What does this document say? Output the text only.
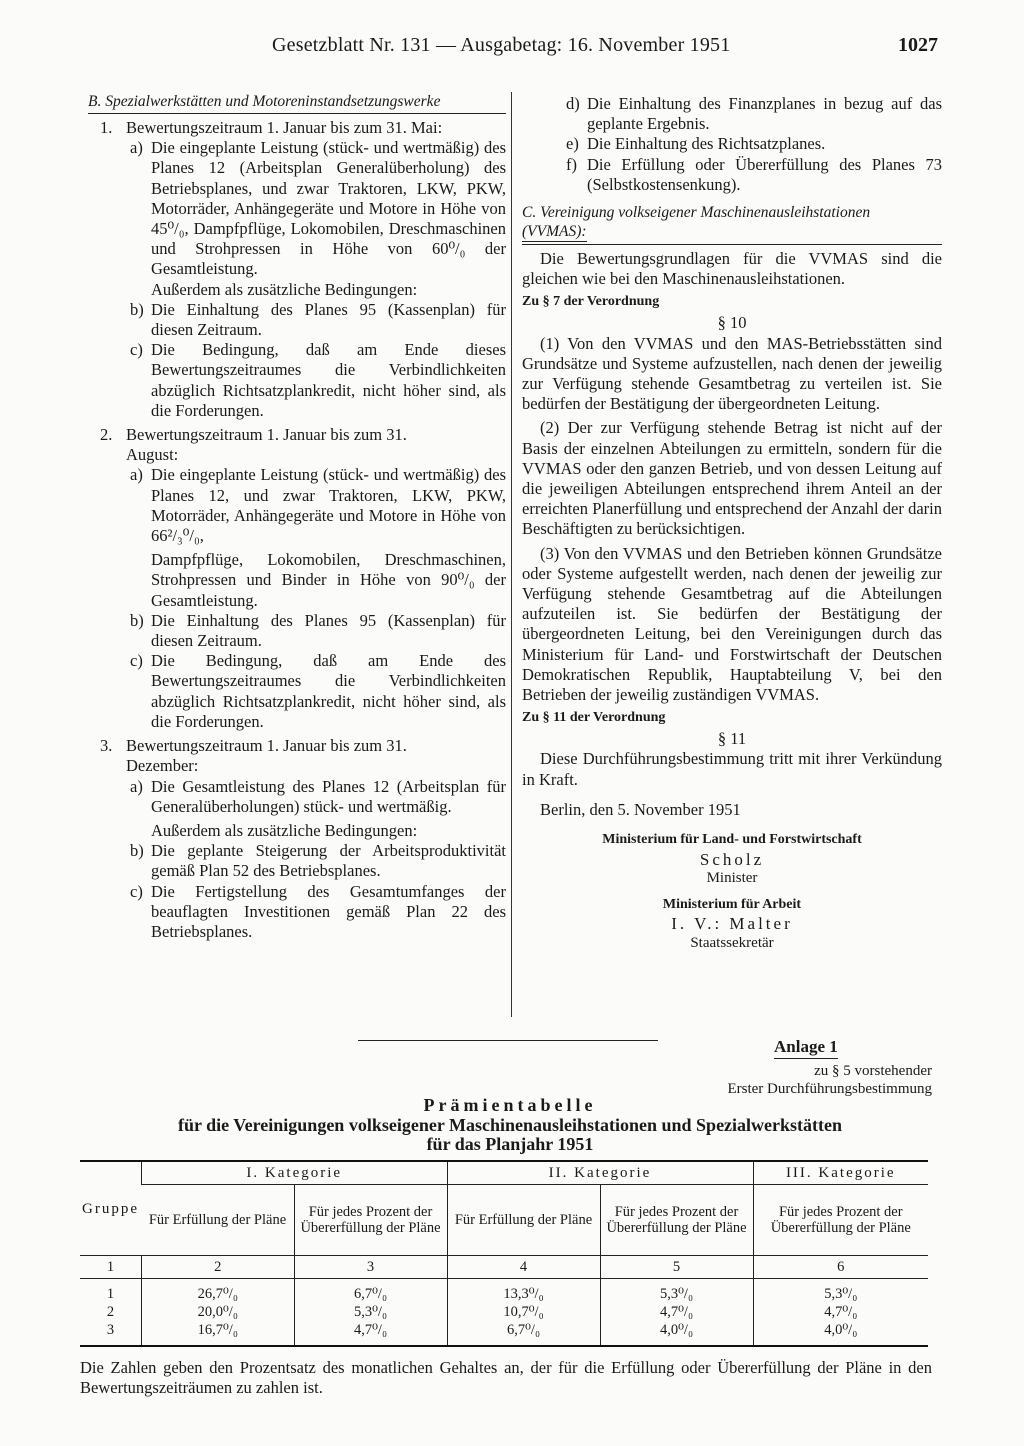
Gesetzblatt Nr. 131 — Ausgabetag: 16. November 1951	1027
B. Spezialwerkstätten und Motoreninstandsetzungswerke
1. Bewertungszeitraum 1. Januar bis zum 31. Mai:
a) Die eingeplante Leistung (stück- und wertmäßig) des Planes 12 (Arbeitsplan Generalüberholung) des Betriebsplanes, und zwar Traktoren, LKW, PKW, Motorräder, Anhängegeräte und Motore in Höhe von 45⁰/₀, Dampfpflüge, Lokomobilen, Dreschmaschinen und Strohpressen in Höhe von 60⁰/₀ der Gesamtleistung.
Außerdem als zusätzliche Bedingungen:
b) Die Einhaltung des Planes 95 (Kassenplan) für diesen Zeitraum.
c) Die Bedingung, daß am Ende dieses Bewertungszeitraumes die Verbindlichkeiten abzüglich Richtsatzplankredit, nicht höher sind, als die Forderungen.
2. Bewertungszeitraum 1. Januar bis zum 31. August:
a) Die eingeplante Leistung (stück- und wertmäßig) des Planes 12, und zwar Traktoren, LKW, PKW, Motorräder, Anhängegeräte und Motore in Höhe von 66²/₃⁰/₀,
Dampfpflüge, Lokomobilen, Dreschmaschinen, Strohpressen und Binder in Höhe von 90⁰/₀ der Gesamtleistung.
b) Die Einhaltung des Planes 95 (Kassenplan) für diesen Zeitraum.
c) Die Bedingung, daß am Ende des Bewertungszeitraumes die Verbindlichkeiten abzüglich Richtsatzplankredit, nicht höher sind, als die Forderungen.
3. Bewertungszeitraum 1. Januar bis zum 31. Dezember:
a) Die Gesamtleistung des Planes 12 (Arbeitsplan für Generalüberholungen) stück- und wertmäßig.
Außerdem als zusätzliche Bedingungen:
b) Die geplante Steigerung der Arbeitsproduktivität gemäß Plan 52 des Betriebsplanes.
c) Die Fertigstellung des Gesamtumfanges der beauflagten Investitionen gemäß Plan 22 des Betriebsplanes.
d) Die Einhaltung des Finanzplanes in bezug auf das geplante Ergebnis.
e) Die Einhaltung des Richtsatzplanes.
f) Die Erfüllung oder Übererfüllung des Planes 73 (Selbstkostensenkung).
C. Vereinigung volkseigener Maschinenausleihstationen
(VVMAS):
Die Bewertungsgrundlagen für die VVMAS sind die gleichen wie bei den Maschinenausleihstationen.
Zu § 7 der Verordnung
§ 10
(1) Von den VVMAS und den MAS-Betriebsstätten sind Grundsätze und Systeme aufzustellen, nach denen der jeweilig zur Verfügung stehende Gesamtbetrag zu verteilen ist. Sie bedürfen der Bestätigung der übergeordneten Leitung.
(2) Der zur Verfügung stehende Betrag ist nicht auf der Basis der einzelnen Abteilungen zu ermitteln, sondern für die VVMAS oder den ganzen Betrieb, und von dessen Leitung auf die jeweiligen Abteilungen entsprechend ihrem Anteil an der erreichten Planerfüllung und entsprechend der Anzahl der darin Beschäftigten zu berücksichtigen.
(3) Von den VVMAS und den Betrieben können Grundsätze oder Systeme aufgestellt werden, nach denen der jeweilig zur Verfügung stehende Gesamtbetrag auf die Abteilungen aufzuteilen ist. Sie bedürfen der Bestätigung der übergeordneten Leitung, bei den Vereinigungen durch das Ministerium für Land- und Forstwirtschaft der Deutschen Demokratischen Republik, Hauptabteilung V, bei den Betrieben der jeweilig zuständigen VVMAS.
Zu § 11 der Verordnung
§ 11
Diese Durchführungsbestimmung tritt mit ihrer Verkündung in Kraft.
Berlin, den 5. November 1951
Ministerium für Land- und Forstwirtschaft
Scholz
Minister
Ministerium für Arbeit
I. V.: Malter
Staatssekretär
Anlage 1
zu § 5 vorstehender
Erster Durchführungsbestimmung
Prämientabelle
für die Vereinigungen volkseigener Maschinenausleihstationen und Spezialwerkstätten
für das Planjahr 1951
Gruppe	I. Kategorie		II. Kategorie		III. Kategorie
	Für Erfüllung der Pläne	Für jedes Prozent der Übererfüllung der Pläne	Für Erfüllung der Pläne	Für jedes Prozent der Übererfüllung der Pläne	Für jedes Prozent der Übererfüllung der Pläne
1	2	3	4	5	6
1	26,7⁰/₀	6,7⁰/₀	13,3⁰/₀	5,3⁰/₀	5,3⁰/₀
2	20,0⁰/₀	5,3⁰/₀	10,7⁰/₀	4,7⁰/₀	4,7⁰/₀
3	16,7⁰/₀	4,7⁰/₀	6,7⁰/₀	4,0⁰/₀	4,0⁰/₀
Die Zahlen geben den Prozentsatz des monatlichen Gehaltes an, der für die Erfüllung oder Übererfüllung der Pläne in den Bewertungszeiträumen zu zahlen ist.
